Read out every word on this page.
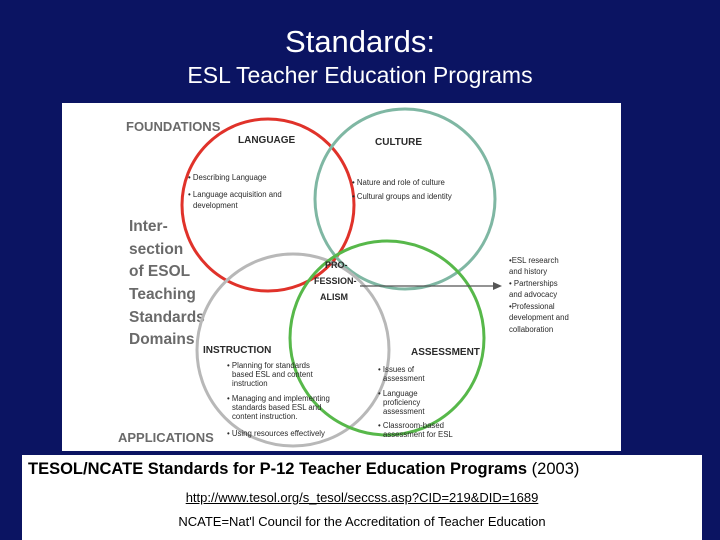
Standards:
ESL Teacher Education Programs
FOUNDATIONS
APPLICATIONS
Inter-
section
of ESOL
Teaching
Standards
Domains
LANGUAGE
• Describing Language
• Language acquisition and
development
CULTURE
• Nature and role of culture
• Cultural groups and identity
PRO-
FESSION-
ALISM
•ESL research
and history
• Partnerships
and advocacy
•Professional
development and
collaboration
INSTRUCTION
• Planning for standards
based ESL and content
instruction
• Managing and implementing
standards based ESL and
content instruction.
• Using resources effectively
ASSESSMENT
• Issues of
assessment
• Language
proficiency
assessment
• Classroom-based
assessment for ESL
TESOL/NCATE Standards for P-12 Teacher Education Programs (2003)
http://www.tesol.org/s_tesol/seccss.asp?CID=219&DID=1689
NCATE=Nat'l Council for the Accreditation of Teacher Education
